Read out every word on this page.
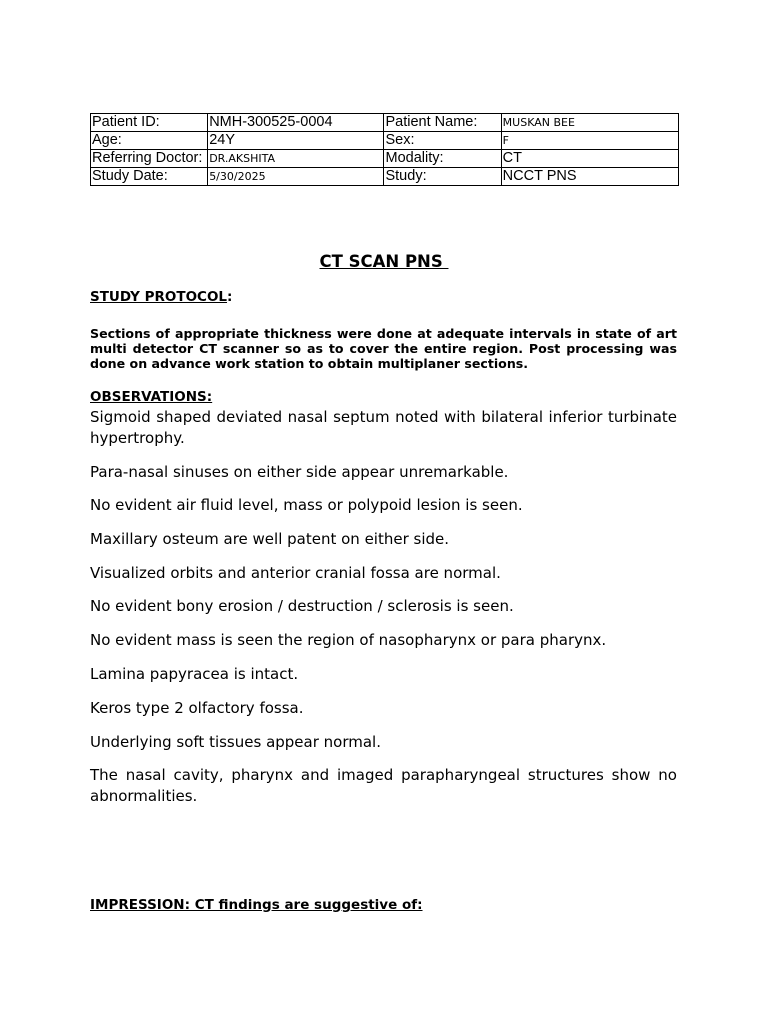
Patient ID:	NMH-300525-0004	Patient Name:	MUSKAN BEE
Age:	24Y	Sex:	F
Referring Doctor:	DR.AKSHITA	Modality:	CT
Study Date:	5/30/2025	Study:	NCCT PNS
CT SCAN PNS
STUDY PROTOCOL:

Sections of appropriate thickness were done at adequate intervals in state of art multi detector CT scanner so as to cover the entire region. Post processing was done on advance work station to obtain multiplaner sections.

OBSERVATIONS:

Sigmoid shaped deviated nasal septum noted with bilateral inferior turbinate hypertrophy.

Para-nasal sinuses on either side appear unremarkable.

No evident air fluid level, mass or polypoid lesion is seen.

Maxillary osteum are well patent on either side.

Visualized orbits and anterior cranial fossa are normal.

No evident bony erosion / destruction / sclerosis is seen.

No evident mass is seen the region of nasopharynx or para pharynx.

Lamina papyracea is intact.

Keros type 2 olfactory fossa.

Underlying soft tissues appear normal.

The nasal cavity, pharynx and imaged parapharyngeal structures show no abnormalities.

IMPRESSION: CT findings are suggestive of:
